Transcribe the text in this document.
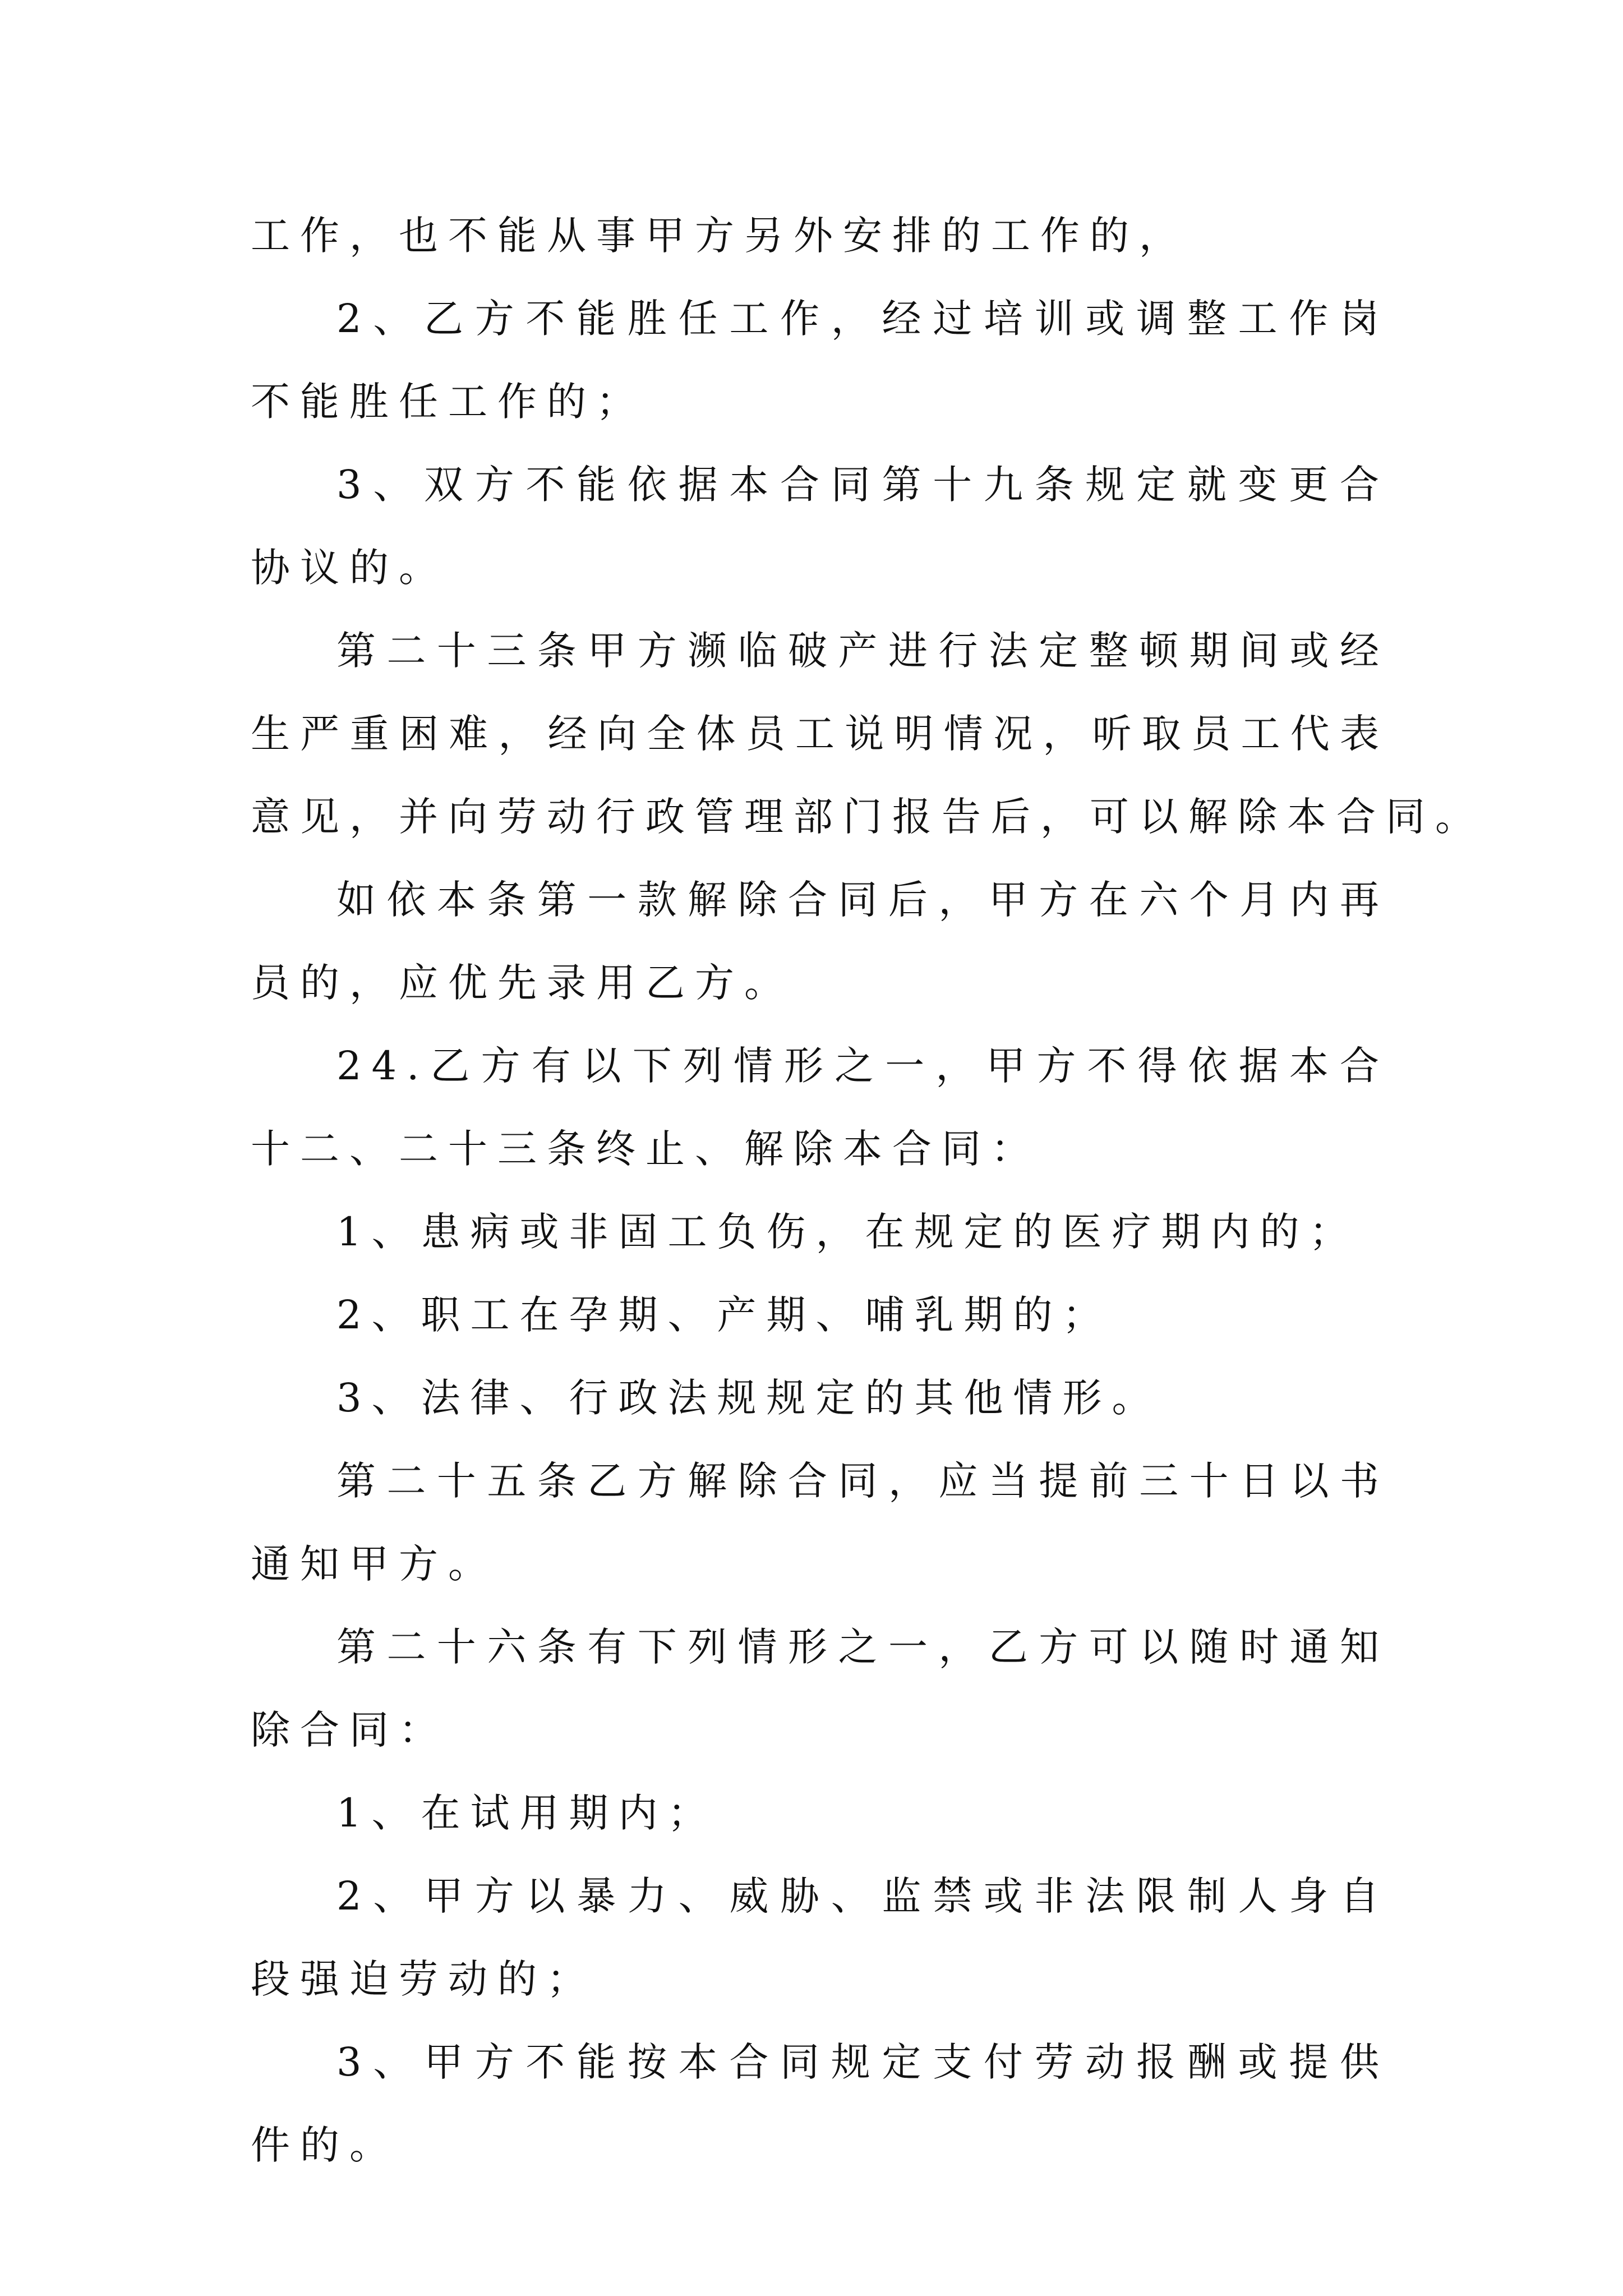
工作，也不能从事甲方另外安排的工作的，
2、乙方不能胜任工作，经过培训或调整工作岗
不能胜任工作的；
3、双方不能依据本合同第十九条规定就变更合
协议的。
第二十三条甲方濒临破产进行法定整顿期间或经
生严重困难，经向全体员工说明情况，听取员工代表
意见，并向劳动行政管理部门报告后，可以解除本合同。
如依本条第一款解除合同后，甲方在六个月内再
员的，应优先录用乙方。
24.乙方有以下列情形之一，甲方不得依据本合
十二、二十三条终止、解除本合同：
1、患病或非固工负伤，在规定的医疗期内的；
2、职工在孕期、产期、哺乳期的；
3、法律、行政法规规定的其他情形。
第二十五条乙方解除合同，应当提前三十日以书
通知甲方。
第二十六条有下列情形之一，乙方可以随时通知
除合同：
1、在试用期内；
2、甲方以暴力、威胁、监禁或非法限制人身自
段强迫劳动的；
3、甲方不能按本合同规定支付劳动报酬或提供
件的。
